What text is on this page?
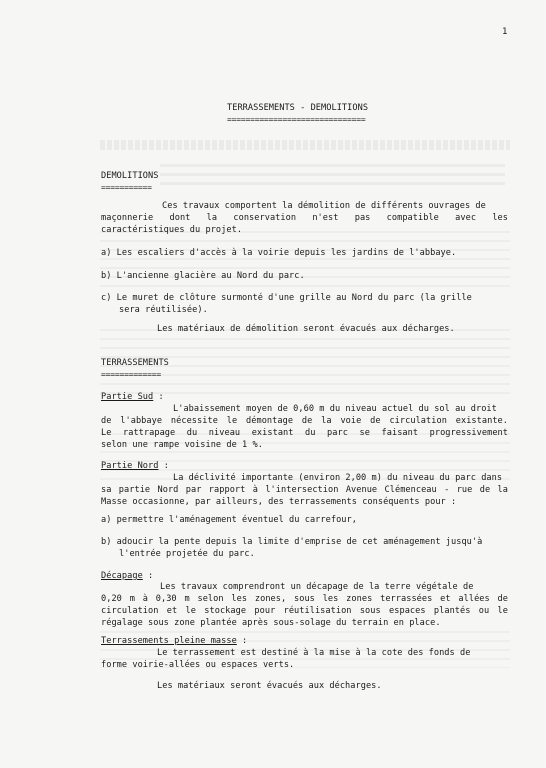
1
TERRASSEMENTS - DEMOLITIONS
==============================
DEMOLITIONS
===========
Ces travaux comportent la démolition de différents ouvrages de
maçonnerie dont la conservation n'est pas compatible avec les
caractéristiques du projet.
a) Les escaliers d'accès à la voirie depuis les jardins de l'abbaye.
b) L'ancienne glacière au Nord du parc.
c) Le muret de clôture surmonté d'une grille au Nord du parc (la grille
sera réutilisée).
Les matériaux de démolition seront évacués aux décharges.
TERRASSEMENTS
=============
Partie Sud :
L'abaissement moyen de 0,60 m du niveau actuel du sol au droit
de l'abbaye nécessite le démontage de la voie de circulation existante.
Le rattrapage du niveau existant du parc se faisant progressivement
selon une rampe voisine de 1 %.
Partie Nord :
La déclivité importante (environ 2,00 m) du niveau du parc dans
sa partie Nord par rapport à l'intersection Avenue Clémenceau - rue de la
Masse occasionne, par ailleurs, des terrassements conséquents pour :
a) permettre l'aménagement éventuel du carrefour,
b) adoucir la pente depuis la limite d'emprise de cet aménagement jusqu'à
l'entrée projetée du parc.
Décapage :
Les travaux comprendront un décapage de la terre végétale de
0,20 m à 0,30 m selon les zones, sous les zones terrassées et allées de
circulation et le stockage pour réutilisation sous espaces plantés ou le
régalage sous zone plantée après sous-solage du terrain en place.
Terrassements pleine masse :
Le terrassement est destiné à la mise à la cote des fonds de
forme voirie-allées ou espaces verts.
Les matériaux seront évacués aux décharges.
